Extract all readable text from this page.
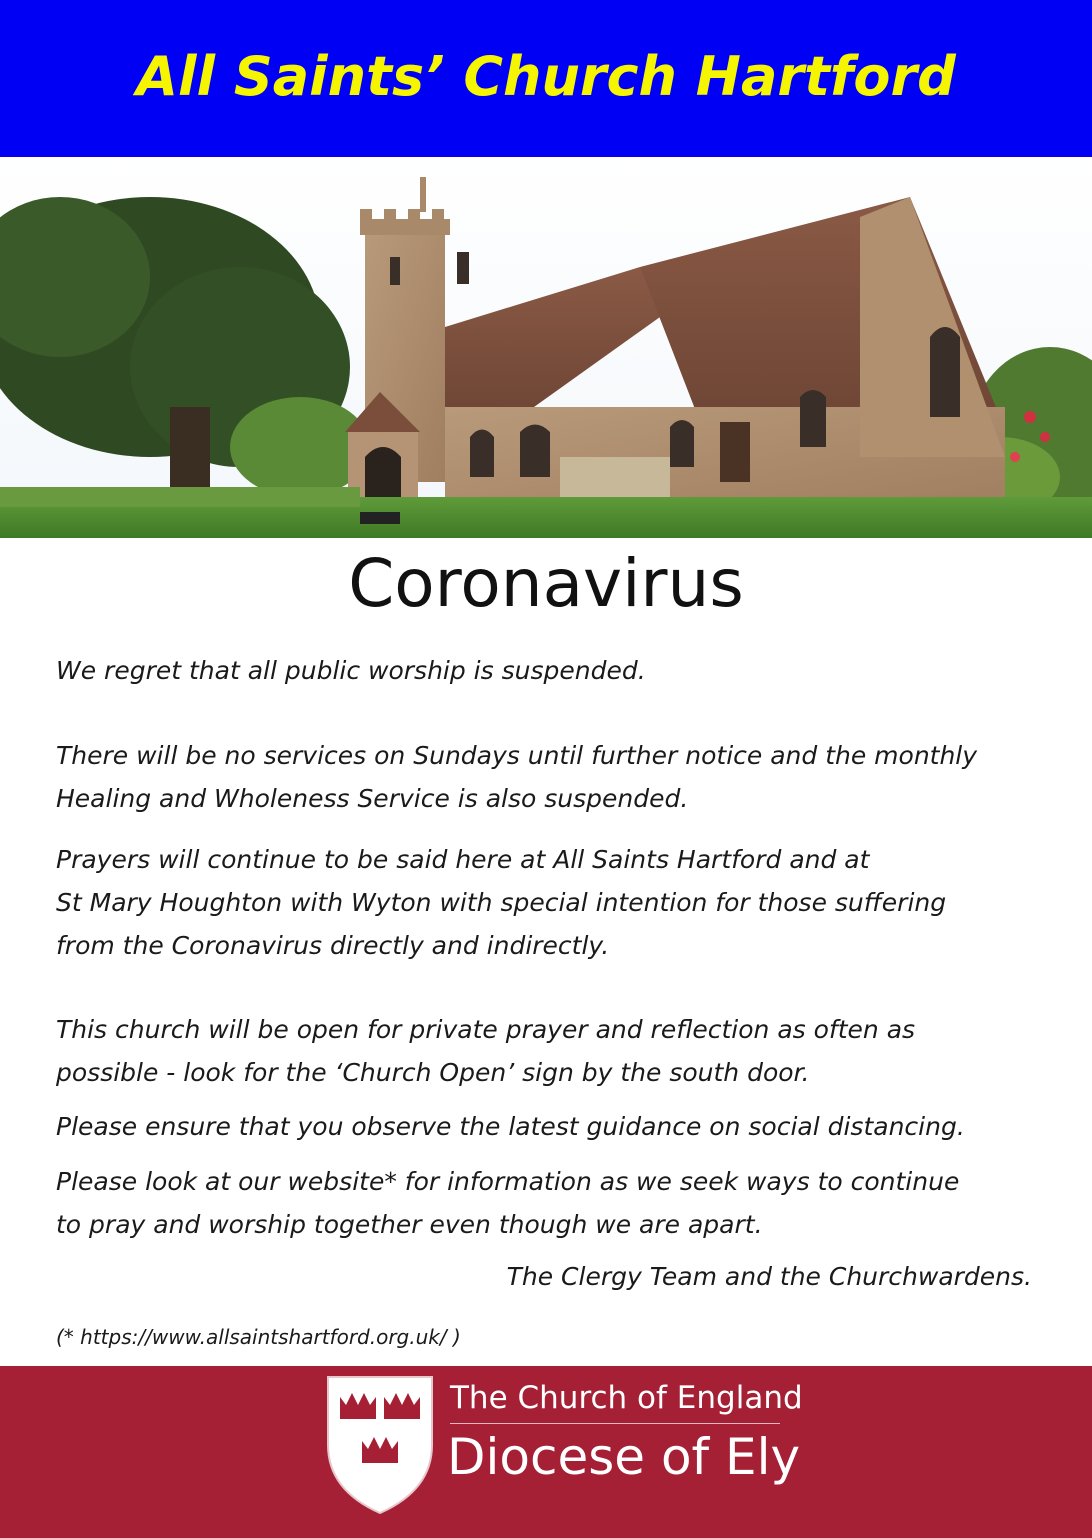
All Saints’ Church Hartford
Coronavirus
We regret that all public worship is suspended.
There will be no services on Sundays until further notice and the monthly
Healing and Wholeness Service is also suspended.
Prayers will continue to be said here at All Saints Hartford and at
St Mary Houghton with Wyton with special intention for those suffering
from the Coronavirus directly and indirectly.
This church will be open for private prayer and reflection as often as
possible - look for the ‘Church Open’ sign by the south door.
Please ensure that you observe the latest guidance on social distancing.
Please look at our website* for information as we seek ways to continue
to pray and worship together even though we are apart.
The Clergy Team and the Churchwardens.
(* https://www.allsaintshartford.org.uk/ )
The Church of England
Diocese of Ely
